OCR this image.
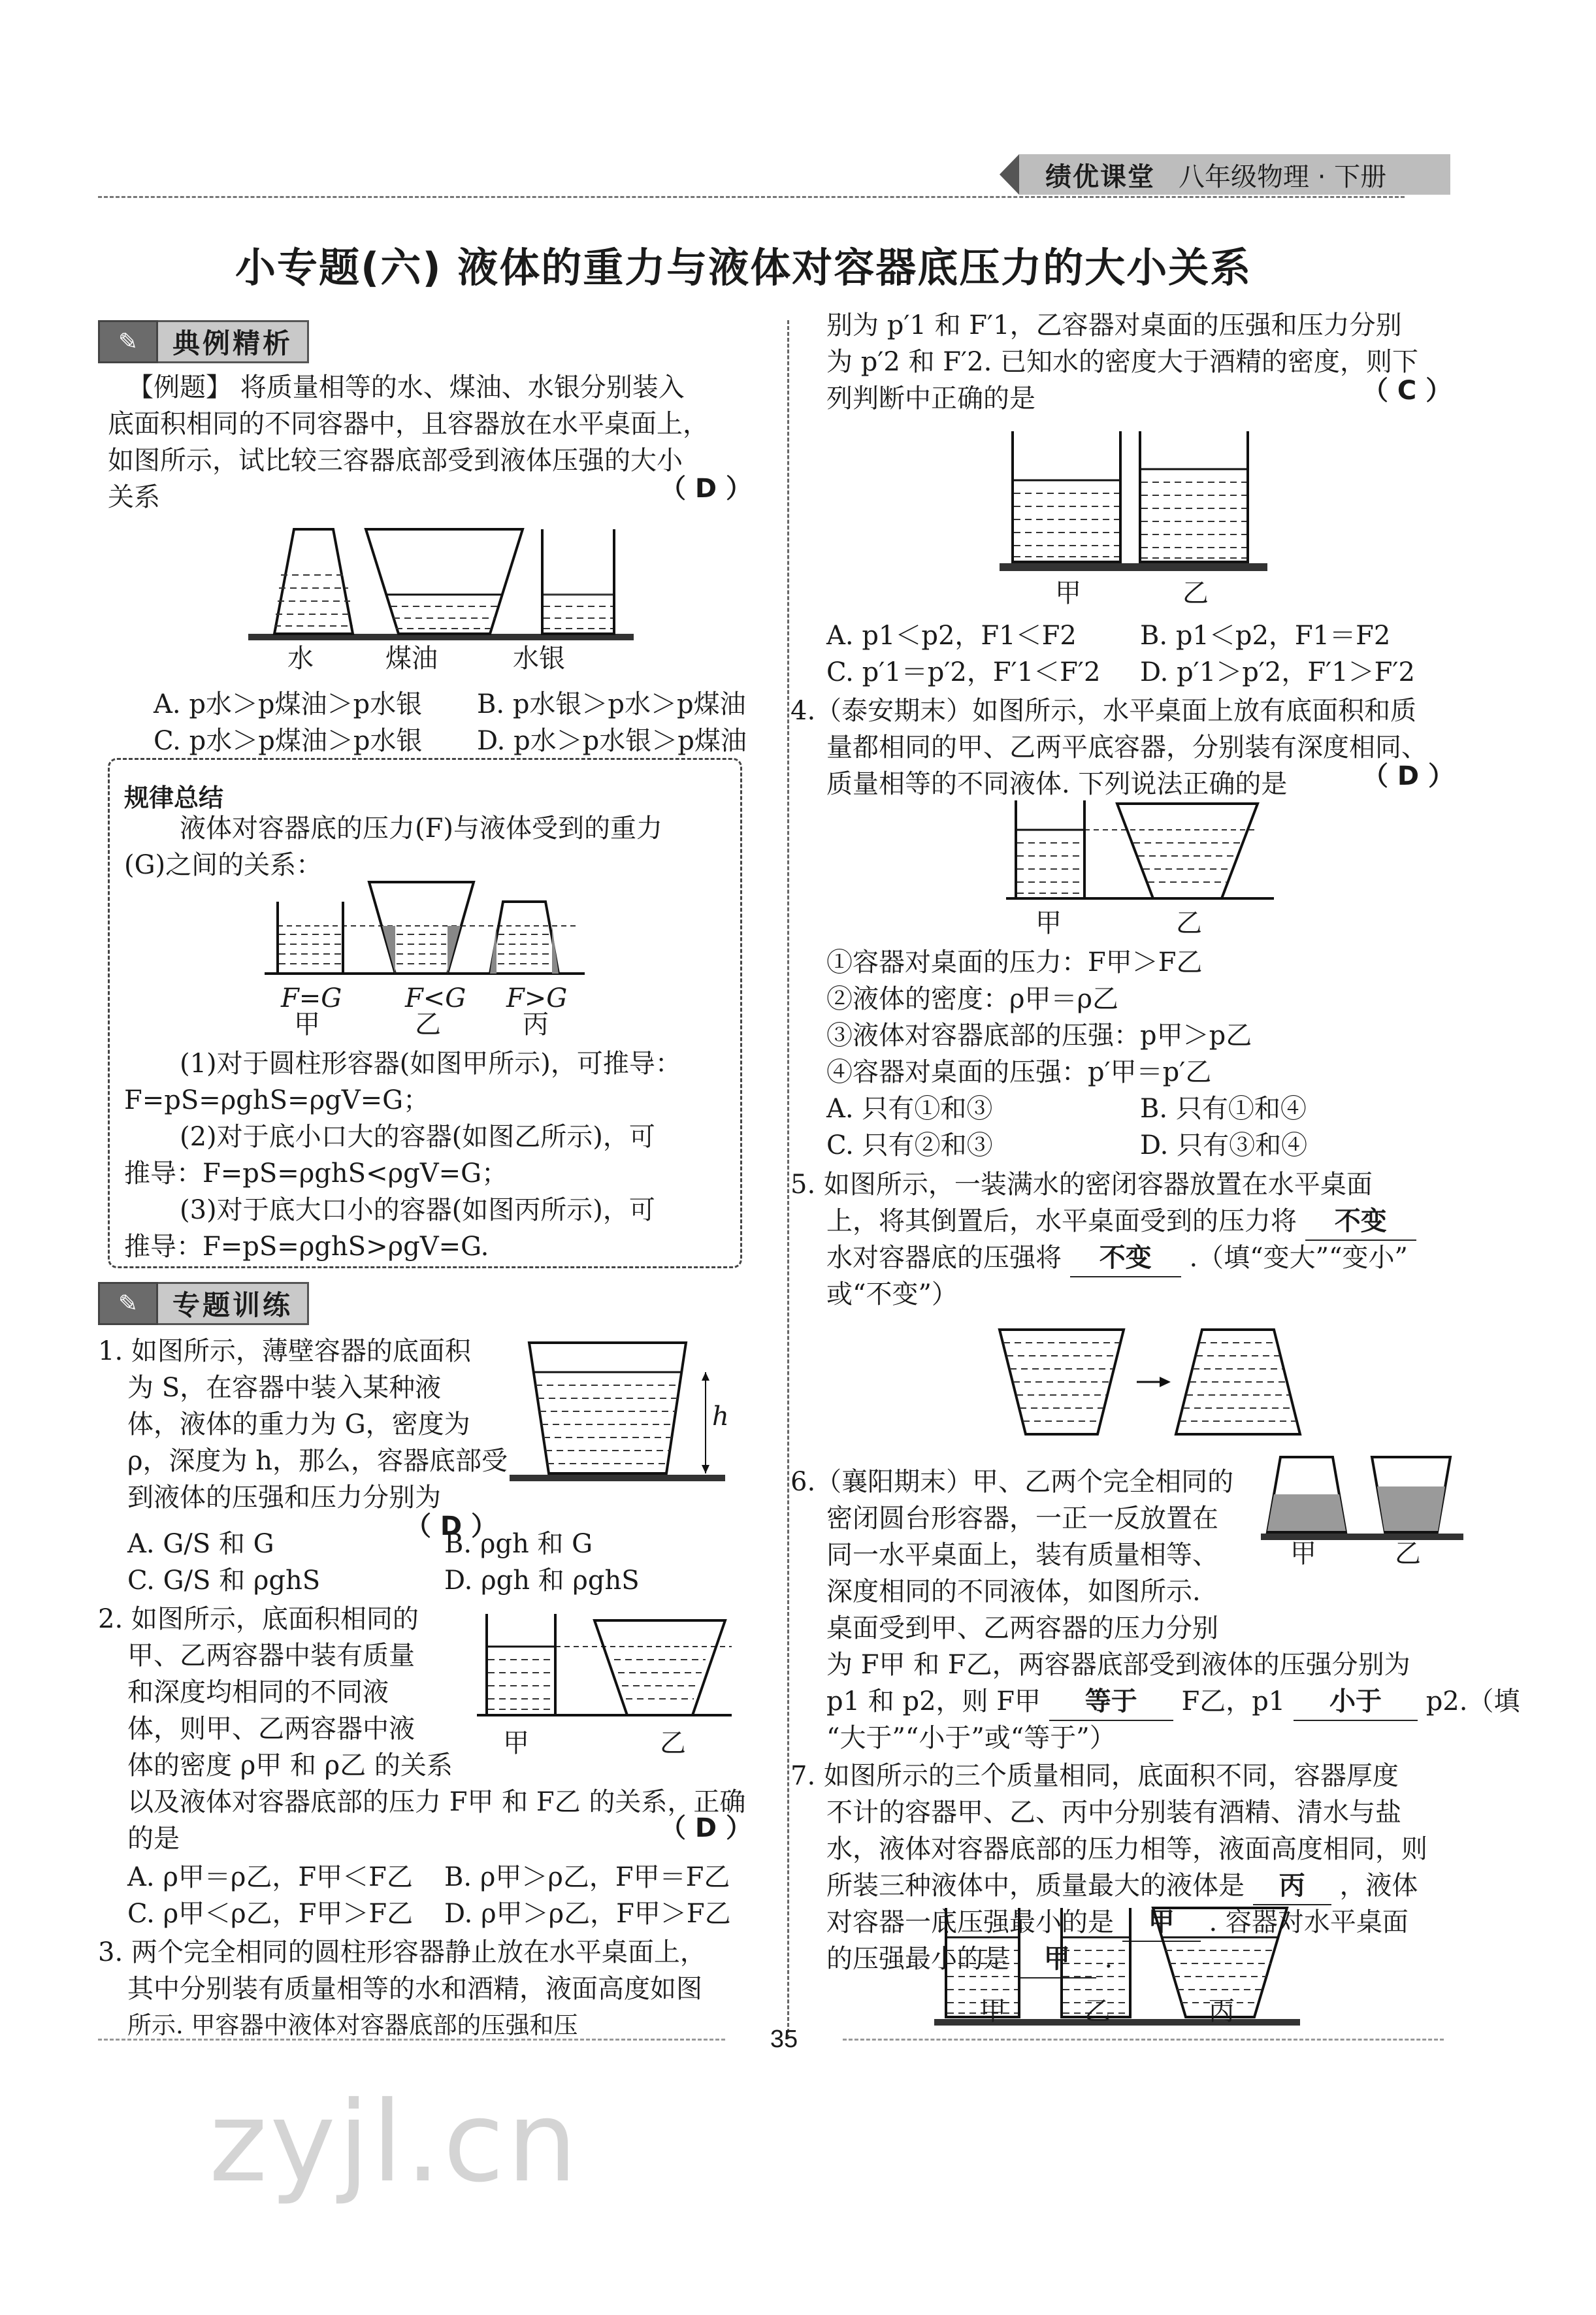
绩优课堂 八年级物理 · 下册
小专题(六) 液体的重力与液体对容器底压力的大小关系
✎	典例精析
【例题】 将质量相等的水、煤油、水银分别装入
底面积相同的不同容器中，且容器放在水平桌面上，
如图所示，试比较三容器底部受到液体压强的大小
关系	（ D ）
水	煤油	水银
A. p水＞p煤油＞p水银 B. p水银＞p水＞p煤油
C. p水＞p煤油＞p水银 D. p水＞p水银＞p煤油
规律总结
液体对容器底的压力(F)与液体受到的重力
(G)之间的关系：
F=G F<G F>G
甲	乙	丙
(1)对于圆柱形容器(如图甲所示)，可推导：
F=pS=ρghS=ρgV=G；
(2)对于底小口大的容器(如图乙所示)，可
推导：F=pS=ρghS<ρgV=G；
(3)对于底大口小的容器(如图丙所示)，可
推导：F=pS=ρghS>ρgV=G.
✎	专题训练
1. 如图所示，薄壁容器的底面积
为 S，在容器中装入某种液
体，液体的重力为 G，密度为
ρ，深度为 h，那么，容器底部受
到液体的压强和压力分别为
（ D ）
h
A. G/S 和 G	B. ρgh 和 G
C. G/S 和 ρghS	D. ρgh 和 ρghS
2. 如图所示，底面积相同的
甲、乙两容器中装有质量
和深度均相同的不同液
体，则甲、乙两容器中液
体的密度 ρ甲 和 ρ乙 的关系
以及液体对容器底部的压力 F甲 和 F乙 的关系，正确
的是	（ D ）
甲	乙
A. ρ甲＝ρ乙，F甲＜F乙 B. ρ甲＞ρ乙，F甲＝F乙
C. ρ甲＜ρ乙，F甲＞F乙 D. ρ甲＞ρ乙，F甲＞F乙
3. 两个完全相同的圆柱形容器静止放在水平桌面上，
其中分别装有质量相等的水和酒精，液面高度如图
所示. 甲容器中液体对容器底部的压强和压
别为 p′1 和 F′1，乙容器对桌面的压强和压力分别
为 p′2 和 F′2. 已知水的密度大于酒精的密度，则下
列判断中正确的是	（ C ）
甲	乙
A. p1＜p2，F1＜F2 B. p1＜p2，F1＝F2
C. p′1＝p′2，F′1＜F′2 D. p′1＞p′2，F′1＞F′2
4.（泰安期末）如图所示，水平桌面上放有底面积和质
量都相同的甲、乙两平底容器，分别装有深度相同、
质量相等的不同液体. 下列说法正确的是	（ D ）
甲	乙
①容器对桌面的压力：F甲＞F乙
②液体的密度：ρ甲＝ρ乙
③液体对容器底部的压强：p甲＞p乙
④容器对桌面的压强：p′甲＝p′乙
A. 只有①和③	B. 只有①和④
C. 只有②和③	D. 只有③和④
5. 如图所示，一装满水的密闭容器放置在水平桌面
上，将其倒置后，水平桌面受到的压力将 不变
水对容器底的压强将 不变 .（填“变大”“变小”
或“不变”）
6.（襄阳期末）甲、乙两个完全相同的
密闭圆台形容器，一正一反放置在
同一水平桌面上，装有质量相等、
深度相同的不同液体，如图所示.
桌面受到甲、乙两容器的压力分别
为 F甲 和 F乙，两容器底部受到液体的压强分别为
p1 和 p2，则 F甲 等于 F乙，p1 小于 p2.（填
“大于”“小于”或“等于”）
甲	乙
7. 如图所示的三个质量相同，底面积不同，容器厚度
不计的容器甲、乙、丙中分别装有酒精、清水与盐
水，液体对容器底部的压力相等，液面高度相同，则
所装三种液体中，质量最大的液体是 丙 ，液体
对容器一底压强最小的是 甲 . 容器对水平桌面
的压强最小的是 甲 .
甲	乙	丙
35
zyjl.cn
